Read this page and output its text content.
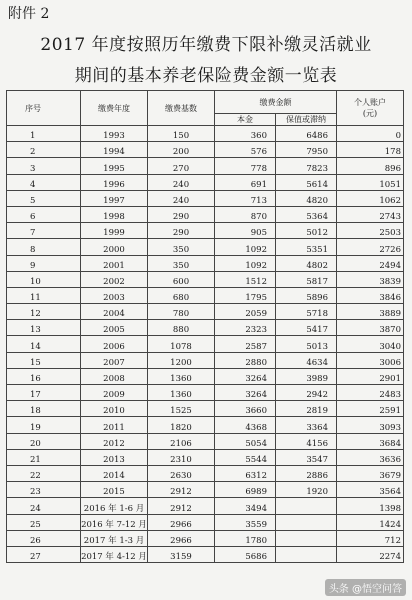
附件 2
2017 年度按照历年缴费下限补缴灵活就业
期间的基本养老保险费金额一览表
序号	缴费年度	缴费基数	缴费金额		个人账户
(元)

			本金	保值或滞纳	
1	1993	150	360	6486	0
2	1994	200	576	7950	178
3	1995	270	778	7823	896
4	1996	240	691	5614	1051
5	1997	240	713	4820	1062
6	1998	290	870	5364	2743
7	1999	290	905	5012	2503
8	2000	350	1092	5351	2726
9	2001	350	1092	4802	2494
10	2002	600	1512	5817	3839
11	2003	680	1795	5896	3846
12	2004	780	2059	5718	3889
13	2005	880	2323	5417	3870
14	2006	1078	2587	5013	3040
15	2007	1200	2880	4634	3006
16	2008	1360	3264	3989	2901
17	2009	1360	3264	2942	2483
18	2010	1525	3660	2819	2591
19	2011	1820	4368	3364	3093
20	2012	2106	5054	4156	3684
21	2013	2310	5544	3547	3636
22	2014	2630	6312	2886	3679
23	2015	2912	6989	1920	3564
24	2016 年 1-6 月	2912	3494		1398
25	2016 年 7-12 月	2966	3559		1424
26	2017 年 1-3 月	2966	1780		712
27	2017 年 4-12 月	3159	5686		2274
头条 @悟空问答
